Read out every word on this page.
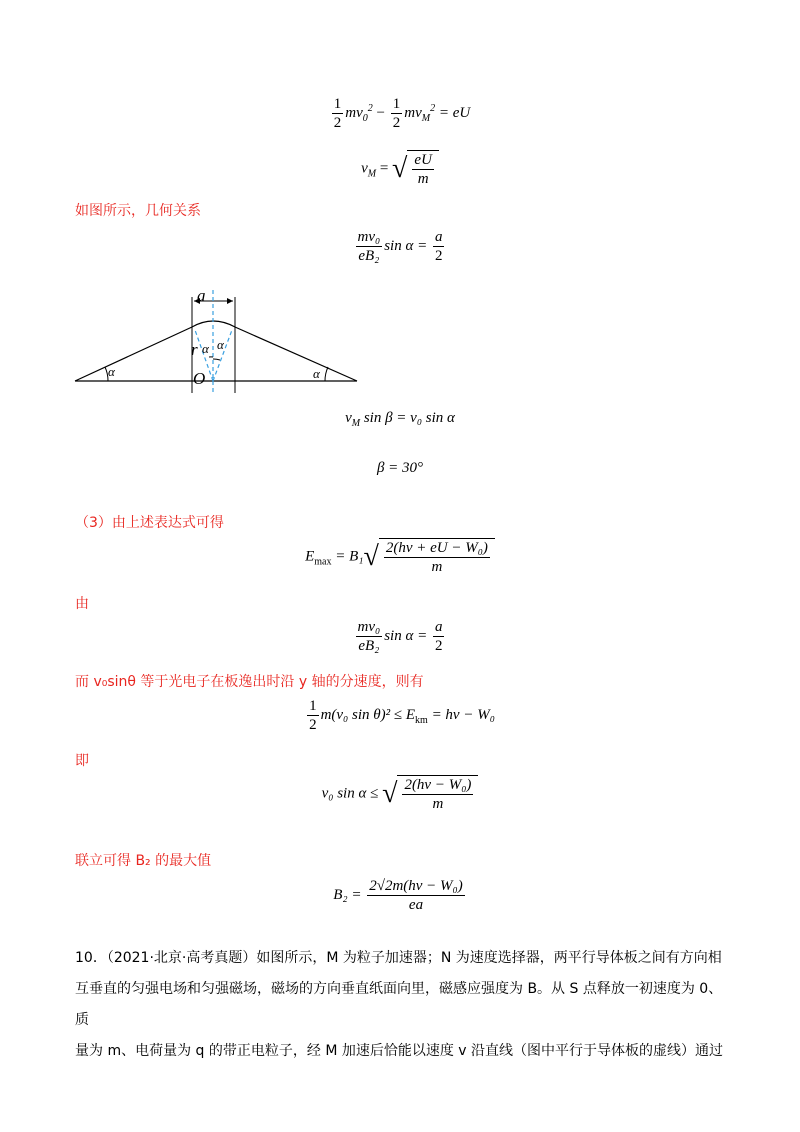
$\frac{1}{2} mv_0^2 - \frac{1}{2} mv_M^2$ = eU
$v_M$ = √ $\frac{eU}{m}$
如图所示，几何关系
$\frac{\text{mv₀}}{\text{eB₂}}$ $\sin \alpha = \frac{a}{2}$
a
r
O
α	α
α α
$v_M$ sin β = v₀ sin α
β = 30°
（3）由上述表达式可得
$E_{max} = B_1$ √ $\frac{\text{2(hν + eU − W₀)}}{m}$
由
$\frac{\text{mv₀}}{\text{eB₂}}$ $\sin \alpha = \frac{a}{2}$
而 v₀sinθ 等于光电子在板逸出时沿 y 轴的分速度，则有
$\frac{1}{2} m(v_0$ $\sin \theta)^2 \le E_{km} = h\nu - W_0$
即
v₀ sin α ≤ √ $\frac{\text{2(hν − W₀)}}{m}$
联立可得 B₂ 的最大值
$B_2 = \frac{\text{2√2m(hν − W₀)}}{ea}$
10．（2021·北京·高考真题）如图所示，M 为粒子加速器；N 为速度选择器，两平行导体板之间有方向相
互垂直的匀强电场和匀强磁场，磁场的方向垂直纸面向里，磁感应强度为 B。从 S 点释放一初速度为 0、质
量为 m、电荷量为 q 的带正电粒子，经 M 加速后恰能以速度 v 沿直线（图中平行于导体板的虚线）通过
